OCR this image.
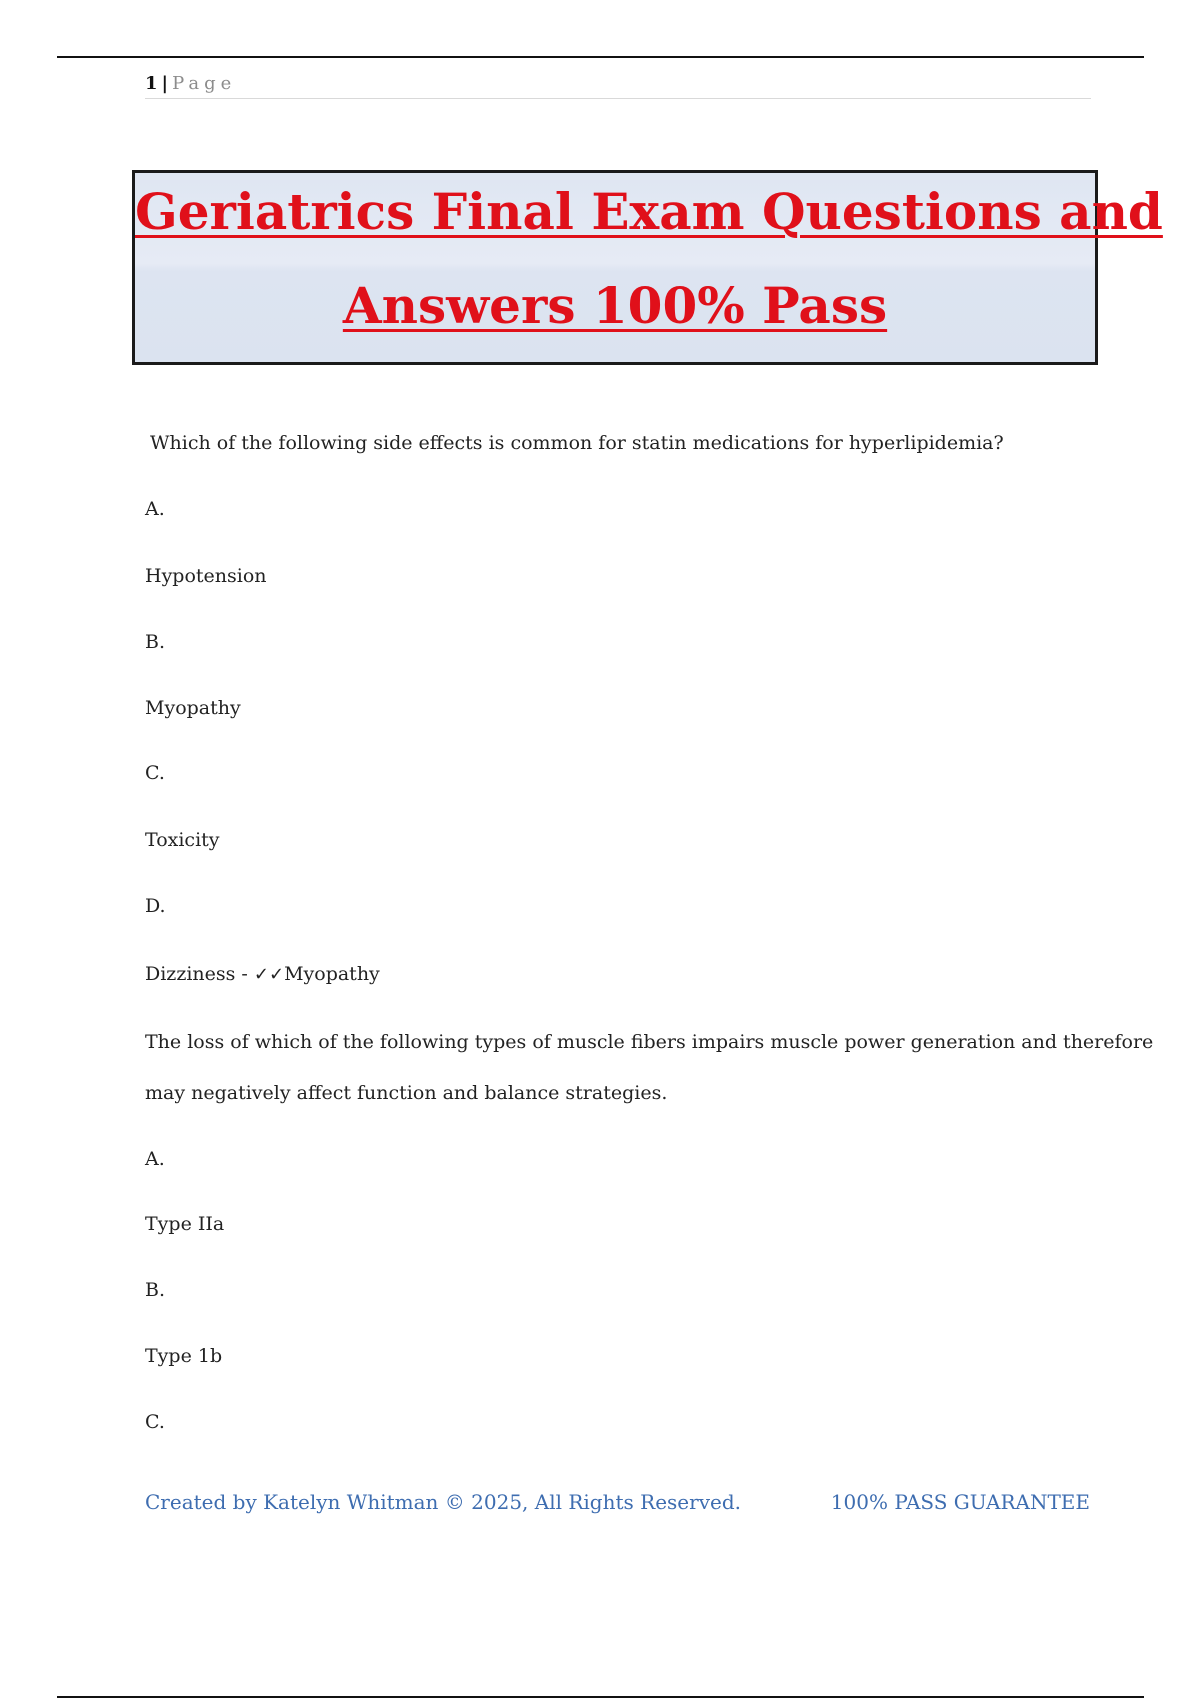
1 | Page
Geriatrics Final Exam Questions and
Answers 100% Pass
Which of the following side effects is common for statin medications for hyperlipidemia?
A.
Hypotension
B.
Myopathy
C.
Toxicity
D.
Dizziness - ✓✓Myopathy
The loss of which of the following types of muscle fibers impairs muscle power generation and therefore
may negatively affect function and balance strategies.
A.
Type IIa
B.
Type 1b
C.
Created by Katelyn Whitman © 2025, All Rights Reserved.	100% PASS GUARANTEE
